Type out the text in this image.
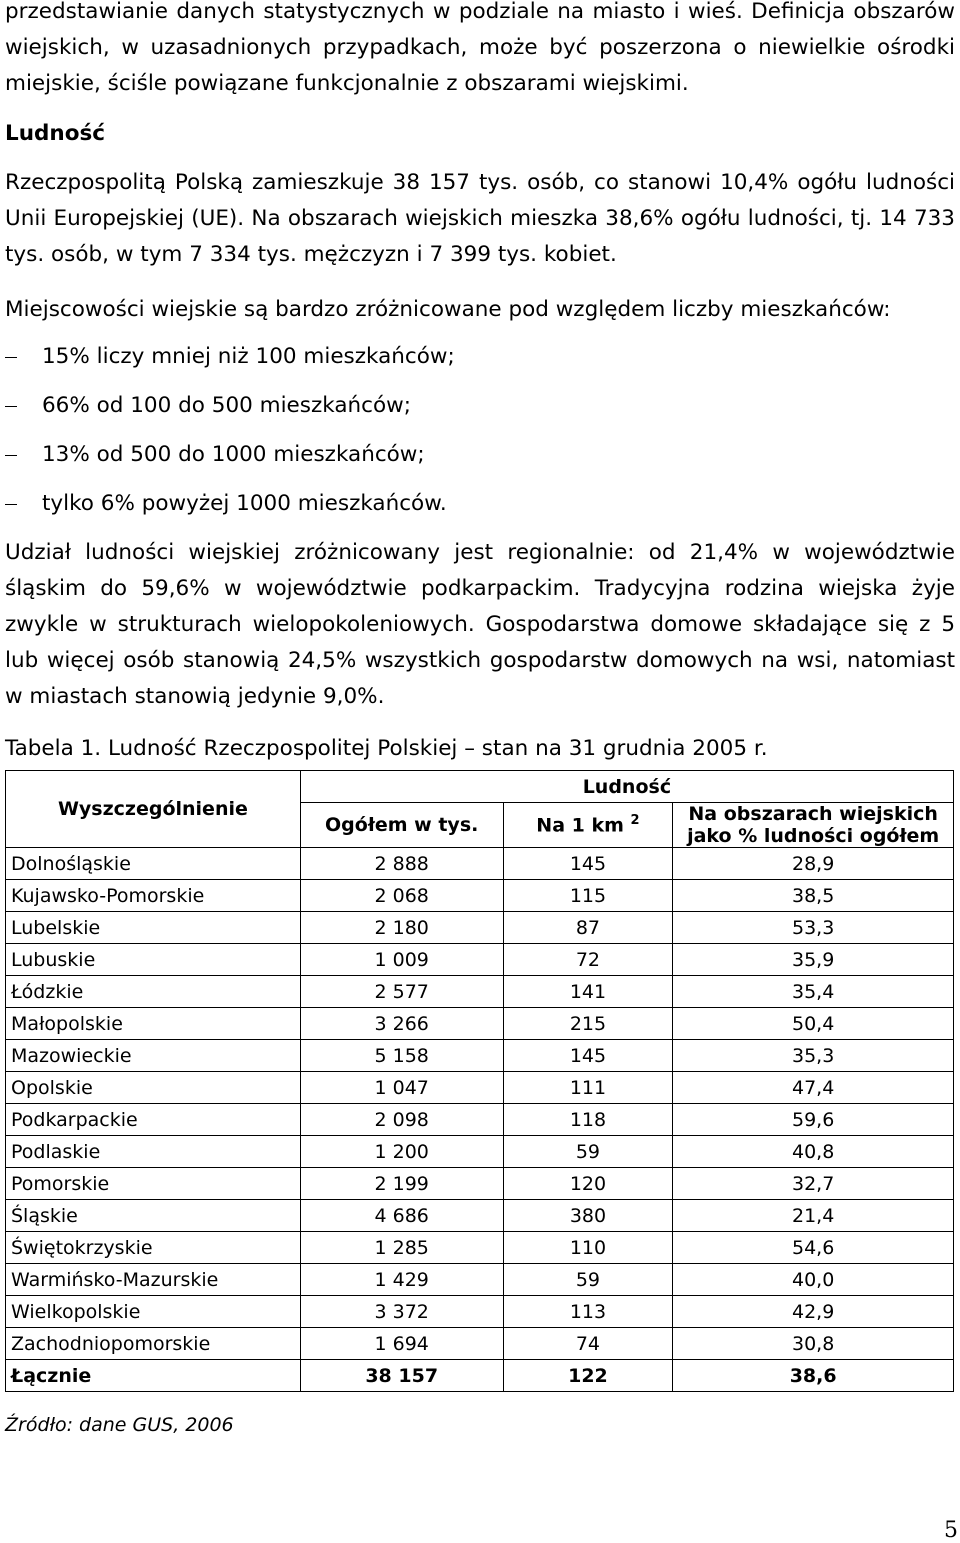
przedstawianie danych statystycznych w podziale na miasto i wieś. Definicja obszarów wiejskich, w uzasadnionych przypadkach, może być poszerzona o niewielkie ośrodki miejskie, ściśle powiązane funkcjonalnie z obszarami wiejskimi.

Ludność

Rzeczpospolitą Polską zamieszkuje 38 157 tys. osób, co stanowi 10,4% ogółu ludności Unii Europejskiej (UE). Na obszarach wiejskich mieszka 38,6% ogółu ludności, tj. 14 733 tys. osób, w tym 7 334 tys. mężczyzn i 7 399 tys. kobiet.

Miejscowości wiejskie są bardzo zróżnicowane pod względem liczby mieszkańców:

15% liczy mniej niż 100 mieszkańców;
66% od 100 do 500 mieszkańców;
13% od 500 do 1000 mieszkańców;
tylko 6% powyżej 1000 mieszkańców.

Udział ludności wiejskiej zróżnicowany jest regionalnie: od 21,4% w województwie śląskim do 59,6% w województwie podkarpackim. Tradycyjna rodzina wiejska żyje zwykle w strukturach wielopokoleniowych. Gospodarstwa domowe składające się z 5 lub więcej osób stanowią 24,5% wszystkich gospodarstw domowych na wsi, natomiast w miastach stanowią jedynie 9,0%.

Tabela 1. Ludność Rzeczpospolitej Polskiej – stan na 31 grudnia 2005 r.
Wyszczególnienie	Ludność		
	Ogółem w tys.	Na 1 km $^2$	Na obszarach wiejskich jako % ludności ogółem
Dolnośląskie	2 888	145	28,9
Kujawsko-Pomorskie	2 068	115	38,5
Lubelskie	2 180	87	53,3
Lubuskie	1 009	72	35,9
Łódzkie	2 577	141	35,4
Małopolskie	3 266	215	50,4
Mazowieckie	5 158	145	35,3
Opolskie	1 047	111	47,4
Podkarpackie	2 098	118	59,6
Podlaskie	1 200	59	40,8
Pomorskie	2 199	120	32,7
Śląskie	4 686	380	21,4
Świętokrzyskie	1 285	110	54,6
Warmińsko-Mazurskie	1 429	59	40,0
Wielkopolskie	3 372	113	42,9
Zachodniopomorskie	1 694	74	30,8
Łącznie	38 157	122	38,6
Źródło: dane GUS, 2006
5
